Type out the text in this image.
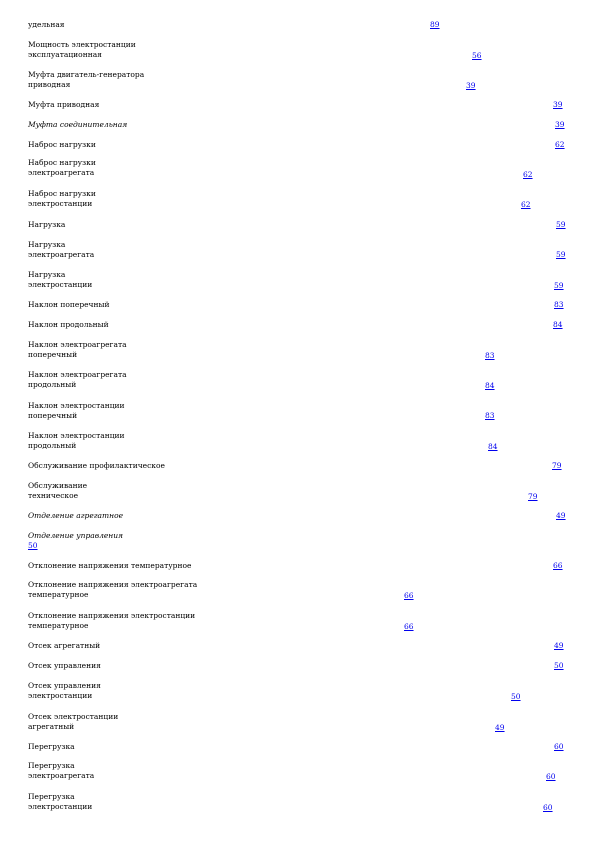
удельная	89
Мощность электростанции
эксплуатационная	56
Муфта двигатель-генератора
приводная	39
Муфта приводная	39
Муфта соединительная	39
Наброс нагрузки	62
Наброс нагрузки
электроагрегата	62
Наброс нагрузки
электростанции	62
Нагрузка	59
Нагрузка
электроагрегата	59
Нагрузка
электростанции	59
Наклон поперечный	83
Наклон продольный	84
Наклон электроагрегата
поперечный	83
Наклон электроагрегата
продольный	84
Наклон электростанции
поперечный	83
Наклон электростанции
продольный	84
Обслуживание профилактическое	79
Обслуживание
техническое	79
Отделение агрегатное	49
Отделение управления
50
Отклонение напряжения температурное	66
Отклонение напряжения электроагрегата
температурное	66
Отклонение напряжения электростанции
температурное	66
Отсек агрегатный	49
Отсек управления	50
Отсек управления
электростанции	50
Отсек электростанции
агрегатный	49
Перегрузка	60
Перегрузка
электроагрегата	60
Перегрузка
электростанции	60
